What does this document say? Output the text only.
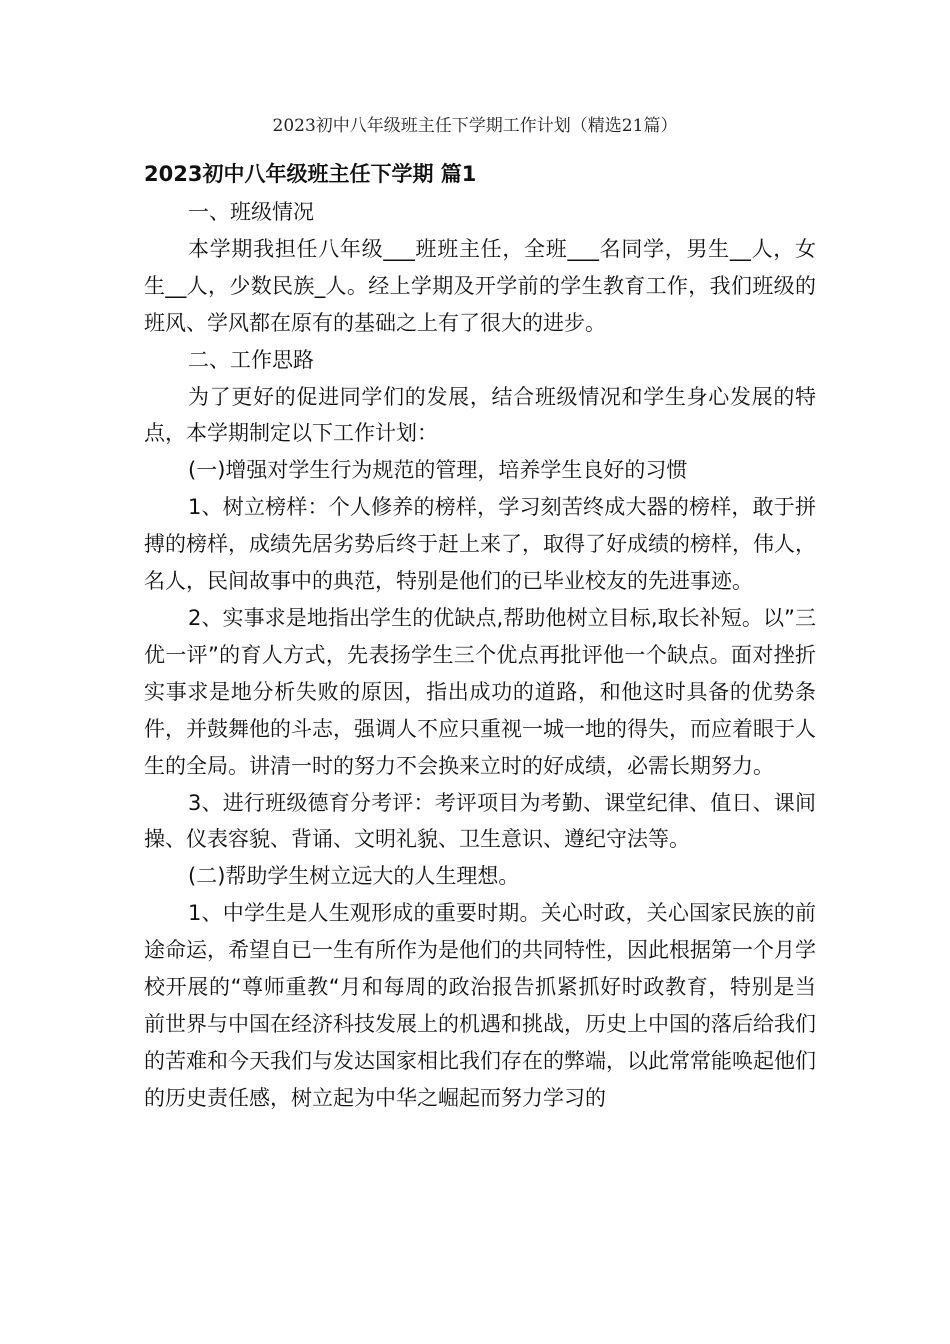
2023初中八年级班主任下学期工作计划（精选21篇）
2023初中八年级班主任下学期 篇1

一、班级情况

本学期我担任八年级___班班主任，全班___名同学，男生__人，女生__人，少数民族_人。经上学期及开学前的学生教育工作，我们班级的班风、学风都在原有的基础之上有了很大的进步。

二、工作思路

为了更好的促进同学们的发展，结合班级情况和学生身心发展的特点，本学期制定以下工作计划：

(一)增强对学生行为规范的管理，培养学生良好的习惯

1、树立榜样：个人修养的榜样，学习刻苦终成大器的榜样，敢于拼搏的榜样，成绩先居劣势后终于赶上来了，取得了好成绩的榜样，伟人，名人，民间故事中的典范，特别是他们的已毕业校友的先进事迹。

2、实事求是地指出学生的优缺点,帮助他树立目标,取长补短。以”三优一评”的育人方式，先表扬学生三个优点再批评他一个缺点。面对挫折实事求是地分析失败的原因，指出成功的道路，和他这时具备的优势条件，并鼓舞他的斗志，强调人不应只重视一城一地的得失，而应着眼于人生的全局。讲清一时的努力不会换来立时的好成绩，必需长期努力。

3、进行班级德育分考评：考评项目为考勤、课堂纪律、值日、课间操、仪表容貌、背诵、文明礼貌、卫生意识、遵纪守法等。

(二)帮助学生树立远大的人生理想。

1、中学生是人生观形成的重要时期。关心时政，关心国家民族的前途命运，希望自已一生有所作为是他们的共同特性，因此根据第一个月学校开展的“尊师重教“月和每周的政治报告抓紧抓好时政教育，特别是当前世界与中国在经济科技发展上的机遇和挑战，历史上中国的落后给我们的苦难和今天我们与发达国家相比我们存在的弊端，以此常常能唤起他们的历史责任感，树立起为中华之崛起而努力学习的
